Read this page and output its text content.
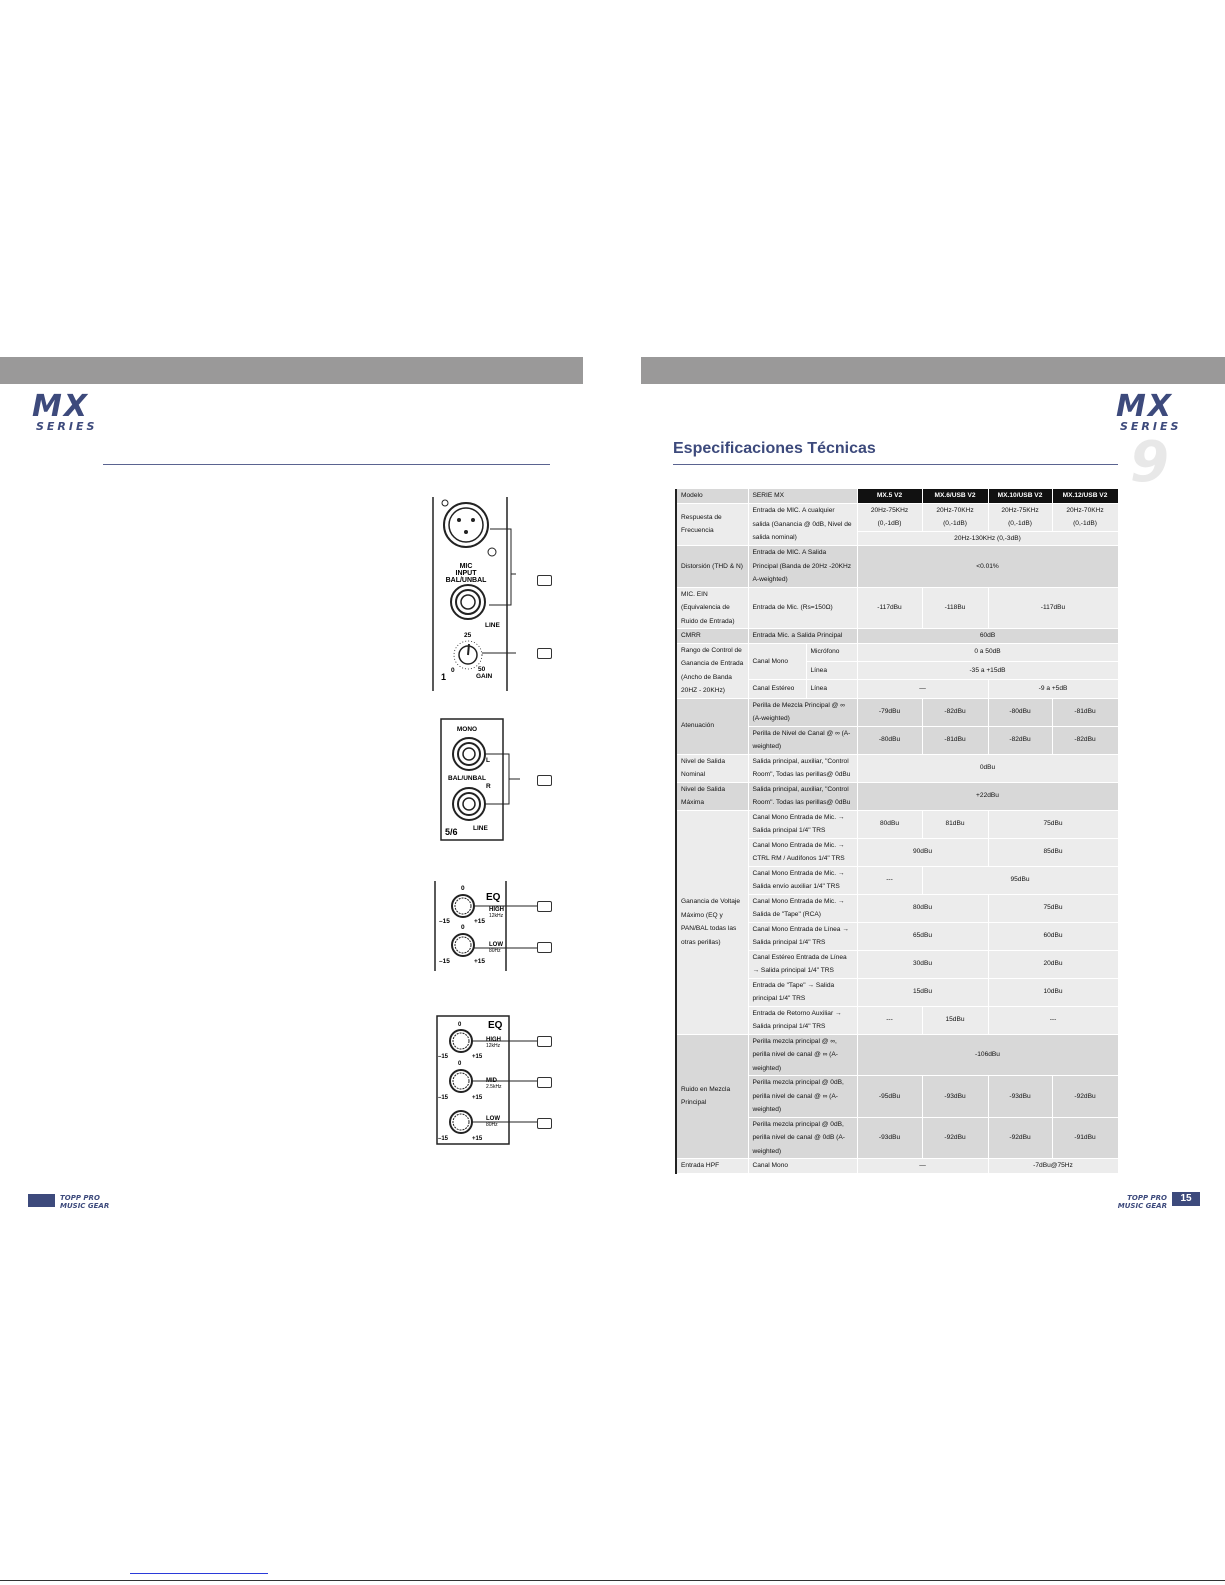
MX
SERIES
MIC
INPUT
BAL/UNBAL
LINE
25
0	50
GAIN
1
MONO
L
BAL/UNBAL
R
5/6 LINE
EQ
0
–15	+15
HIGH
12kHz
0
–15	+15
LOW
80Hz
EQ
0
–15	+15
HIGH
12kHz
0
–15	+15
MID
2.5kHz
–15	+15
LOW
80Hz
TOPP PRO
MUSIC GEAR
MX
SERIES
9
Especificaciones Técnicas
Modelo	SERIE MX		MX.5 V2	MX.6/USB V2	MX.10/USB V2	MX.12/USB V2
Respuesta de Frecuencia	Entrada de MIC. A cualquier salida (Ganancia @ 0dB, Nivel de salida nominal)		20Hz-75KHz (0,-1dB)	20Hz-70KHz (0,-1dB)	20Hz-75KHz (0,-1dB)	20Hz-70KHz (0,-1dB)
			20Hz-130KHz (0,-3dB)			
Distorsión (THD & N)	Entrada de MIC. A Salida Principal (Banda de 20Hz -20KHz A-weighted)		<0.01%			
MIC. EIN (Equivalencia de Ruido de Entrada)	Entrada de Mic. (Rs=150Ω)		-117dBu	-118Bu	-117dBu	
CMRR	Entrada Mic. a Salida Principal		60dB			
Rango de Control de Ganancia de Entrada (Ancho de Banda 20HZ - 20KHz)	Canal Mono	Micrófono	0 a 50dB			
		Línea	-35 a +15dB			
	Canal Estéreo	Línea	—		-9 a +5dB	
Atenuación	Perilla de Mezcla Principal @ ∞ (A-weighted)		-79dBu	-82dBu	-80dBu	-81dBu
	Perilla de Nivel de Canal @ ∞ (A-weighted)		-80dBu	-81dBu	-82dBu	-82dBu
Nivel de Salida Nominal	Salida principal, auxiliar, "Control Room", Todas las perillas@ 0dBu		0dBu			
Nivel de Salida Máxima	Salida principal, auxiliar, "Control Room". Todas las perillas@ 0dBu		+22dBu			
Ganancia de Voltaje Máximo (EQ y PAN/BAL todas las otras perillas)	Canal Mono Entrada de Mic. → Salida principal 1/4" TRS		80dBu	81dBu	75dBu	
	Canal Mono Entrada de Mic. → CTRL RM / Audífonos 1/4" TRS		90dBu		85dBu	
	Canal Mono Entrada de Mic. → Salida envío auxiliar 1/4" TRS		---	95dBu		
	Canal Mono Entrada de Mic. → Salida de "Tape" (RCA)		80dBu		75dBu	
	Canal Mono Entrada de Línea → Salida principal 1/4" TRS		65dBu		60dBu	
	Canal Estéreo Entrada de Línea → Salida principal 1/4" TRS		30dBu		20dBu	
	Entrada de "Tape" → Salida principal 1/4" TRS		15dBu		10dBu	
	Entrada de Retorno Auxiliar → Salida principal 1/4" TRS		---	15dBu	---	
Ruido en Mezcla Principal	Perilla mezcla principal @ ∞, perilla nivel de canal @ ∞ (A-weighted)		-106dBu			
	Perilla mezcla principal @ 0dB, perilla nivel de canal @ ∞ (A-weighted)		-95dBu	-93dBu	-93dBu	-92dBu
	Perilla mezcla principal @ 0dB, perilla nivel de canal @ 0dB (A-weighted)		-93dBu	-92dBu	-92dBu	-91dBu
Entrada HPF	Canal Mono		—		-7dBu@75Hz	
TOPP PRO
MUSIC GEAR
15
